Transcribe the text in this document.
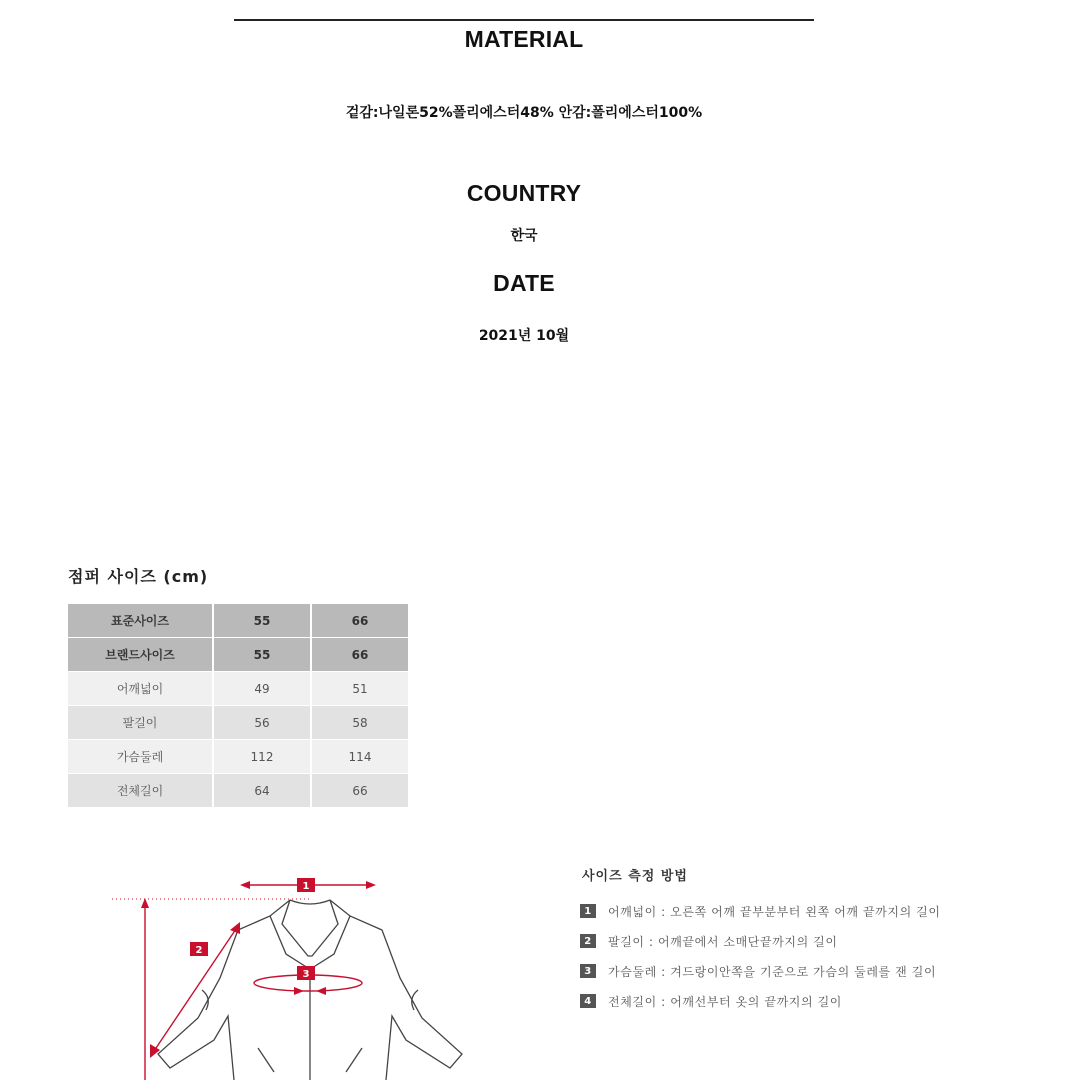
MATERIAL
겉감:나일론52%폴리에스터48% 안감:폴리에스터100%
COUNTRY
한국
DATE
2021년 10월
점퍼 사이즈 (cm)
표준사이즈	55	66
브랜드사이즈	55	66
어깨넓이	49	51
팔길이	56	58
가슴둘레	112	114
전체길이	64	66
1
2
3
사이즈 측정 방법
1	어깨넓이 : 오른쪽 어깨 끝부분부터 왼쪽 어깨 끝까지의 길이
2	팔길이 : 어깨끝에서 소매단끝까지의 길이
3	가슴둘레 : 겨드랑이안쪽을 기준으로 가슴의 둘레를 잰 길이
4	전체길이 : 어깨선부터 옷의 끝까지의 길이
